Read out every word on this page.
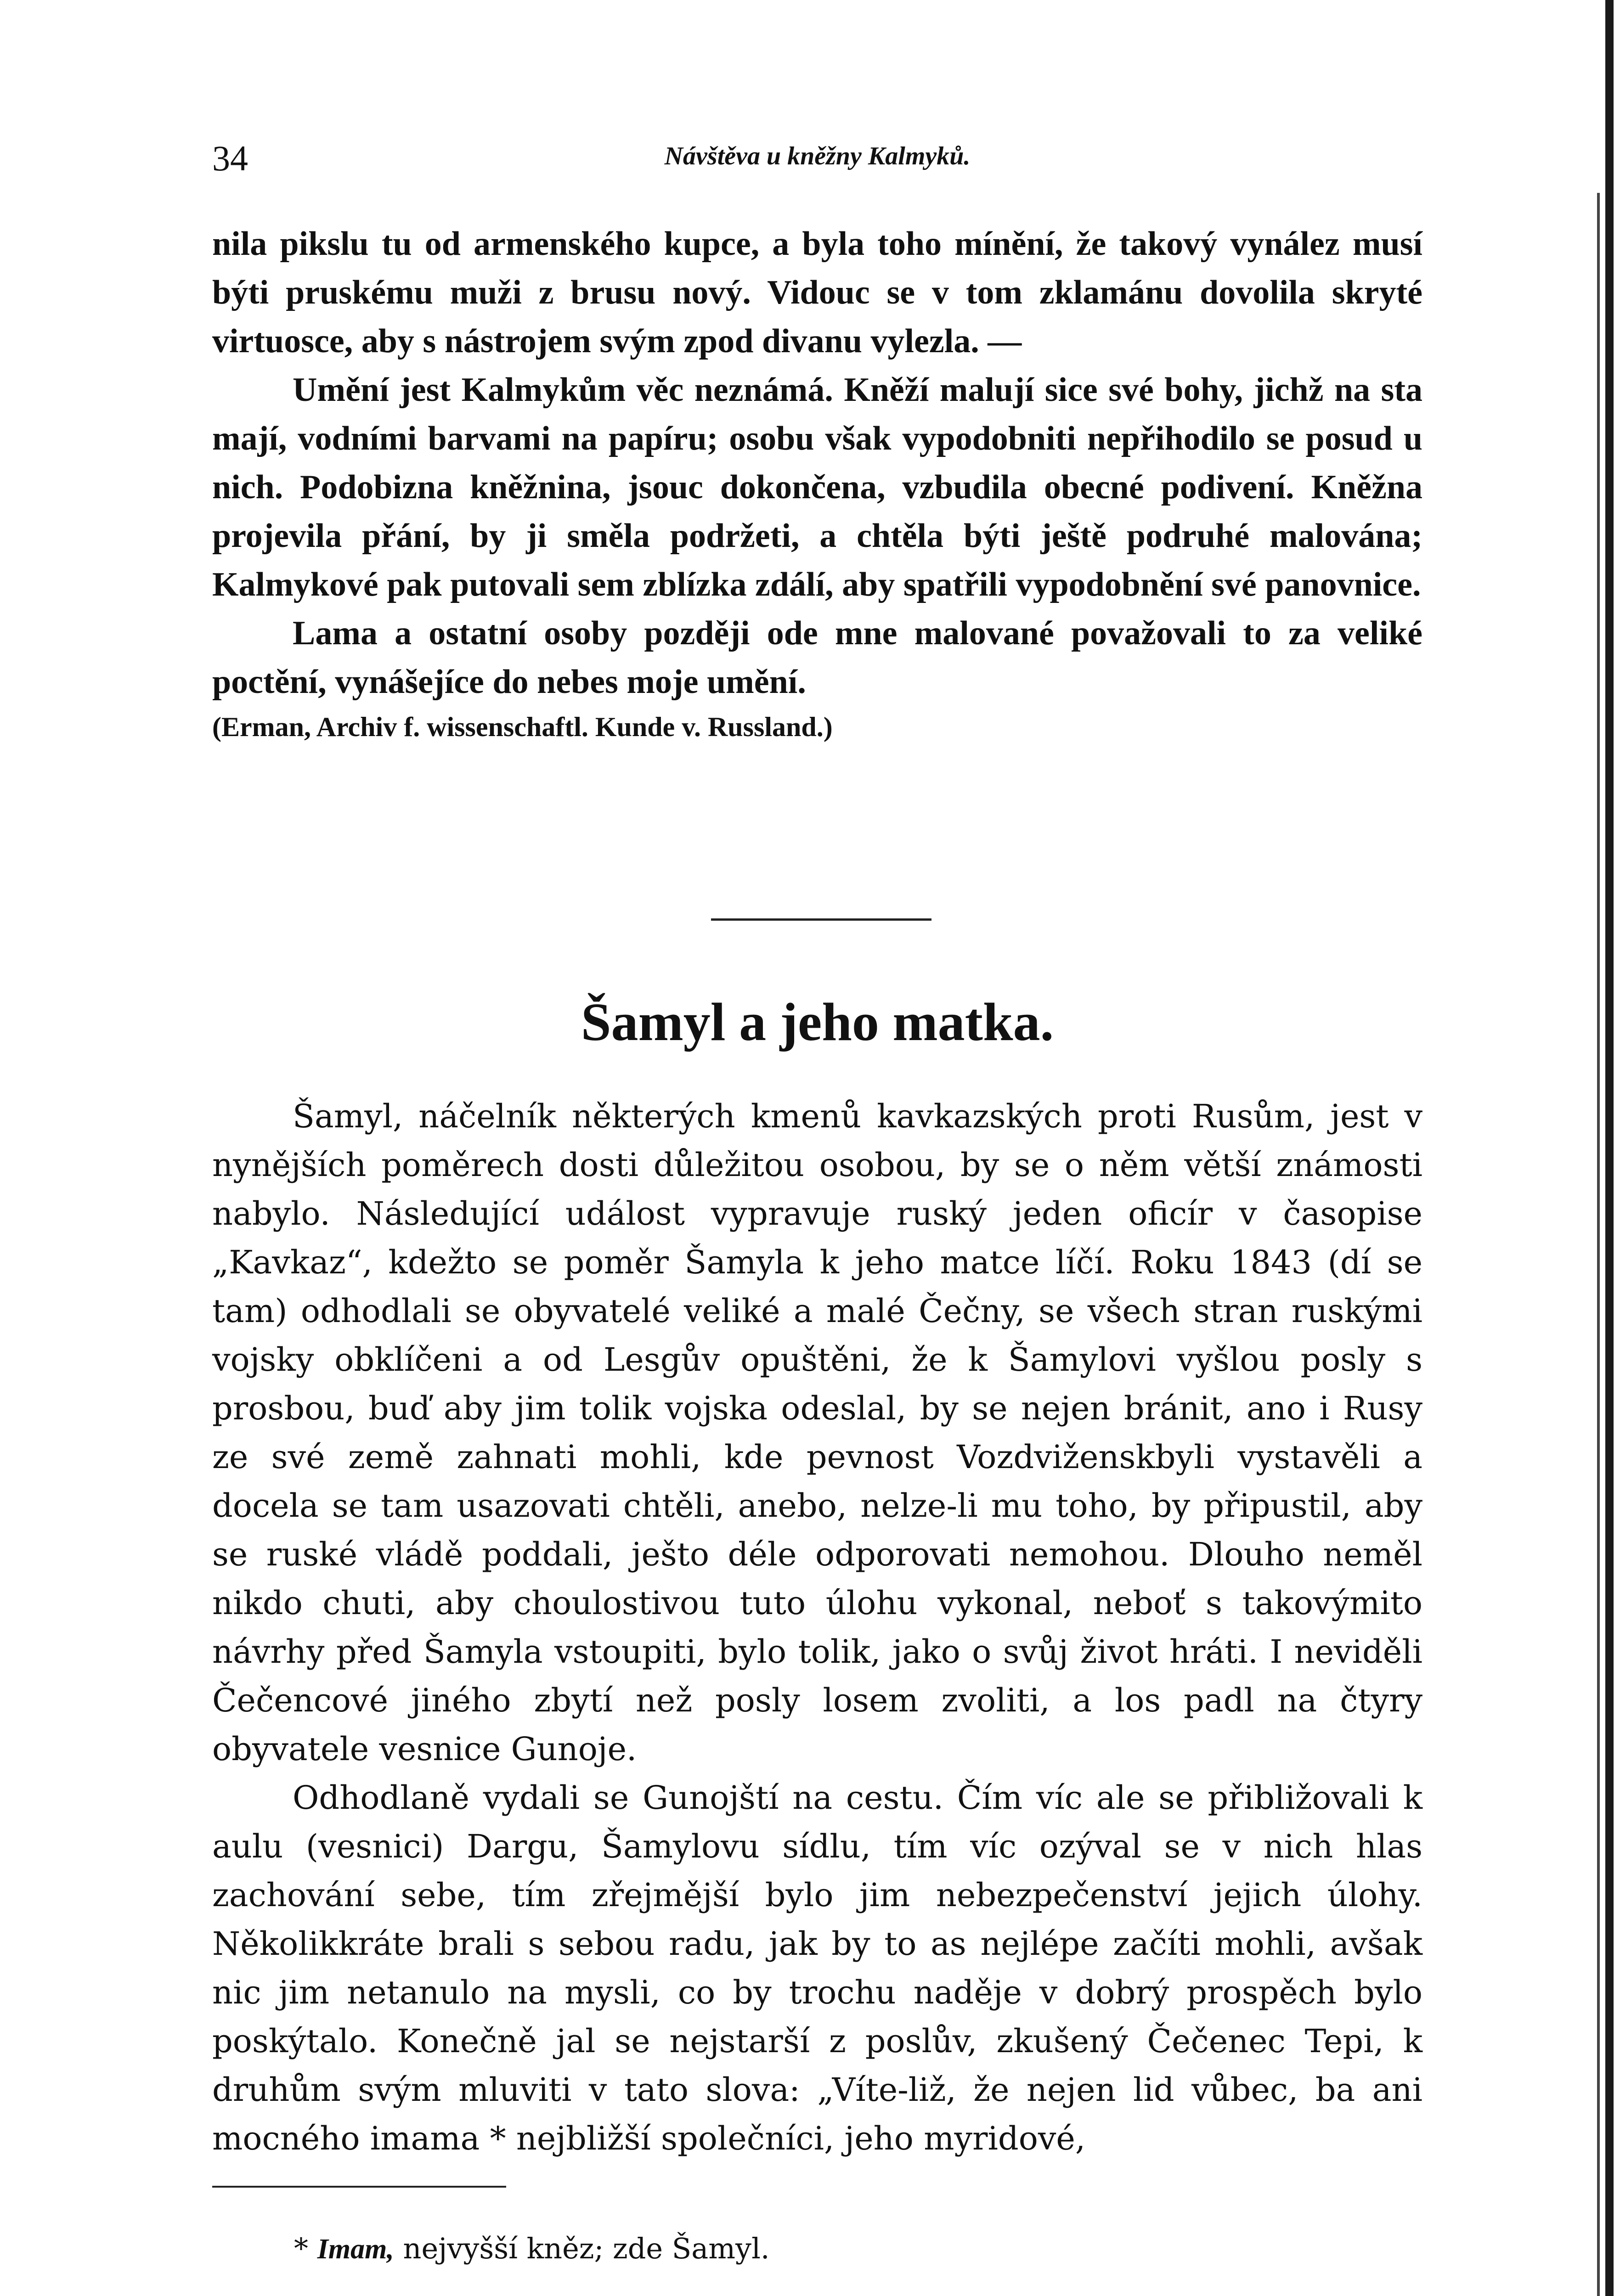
34	Návštěva u kněžny Kalmyků.

nila pikslu tu od armenského kupce, a byla toho mínění, že takový vynález musí býti pruskému muži z brusu nový. Vidouc se v tom zklamánu dovolila skryté virtuosce, aby s nástrojem svým zpod divanu vylezla. —

Umění jest Kalmykům věc neznámá. Kněží malují sice své bohy, jichž na sta mají, vodními barvami na papíru; osobu však vypodobniti nepřihodilo se posud u nich. Podobizna kněžnina, jsouc dokončena, vzbudila obecné podivení. Kněžna projevila přání, by ji směla podržeti, a chtěla býti ještě podruhé malována; Kalmykové pak putovali sem zblízka zdálí, aby spatřili vypodobnění své panovnice.

Lama a ostatní osoby později ode mne malované považovali to za veliké poctění, vynášejíce do nebes moje umění.

(Erman, Archiv f. wissenschaftl. Kunde v. Russland.)

Šamyl a jeho matka.

Šamyl, náčelník některých kmenů kavkazských proti Rusům, jest v nynějších poměrech dosti důležitou osobou, by se o něm větší známosti nabylo. Následující událost vypravuje ruský jeden oficír v časopise „Kavkaz“, kdežto se poměr Šamyla k jeho matce líčí. Roku 1843 (dí se tam) odhodlali se obyvatelé veliké a malé Čečny, se všech stran ruskými vojsky obklíčeni a od Lesgův opuštěni, že k Šamylovi vyšlou posly s prosbou, buď aby jim tolik vojska odeslal, by se nejen bránit, ano i Rusy ze své země zahnati mohli, kde pevnost Vozdviženskbyli vystavěli a docela se tam usazovati chtěli, anebo, nelze-li mu toho, by připustil, aby se ruské vládě poddali, ješto déle odporovati nemohou. Dlouho neměl nikdo chuti, aby choulostivou tuto úlohu vykonal, neboť s takovýmito návrhy před Šamyla vstoupiti, bylo tolik, jako o svůj život hráti. I neviděli Čečencové jiného zbytí než posly losem zvoliti, a los padl na čtyry obyvatele vesnice Gunoje.

Odhodlaně vydali se Gunojští na cestu. Čím víc ale se přibližovali k aulu (vesnici) Dargu, Šamylovu sídlu, tím víc ozýval se v nich hlas zachování sebe, tím zřejmější bylo jim nebezpečenství jejich úlohy. Několikkráte brali s sebou radu, jak by to as nejlépe začíti mohli, avšak nic jim netanulo na mysli, co by trochu naděje v dobrý prospěch bylo poskýtalo. Konečně jal se nejstarší z poslův, zkušený Čečenec Tepi, k druhům svým mluviti v tato slova: „Víte-liž, že nejen lid vůbec, ba ani mocného imama * nejbližší společníci, jeho myridové,

* Imam, nejvyšší kněz; zde Šamyl.
